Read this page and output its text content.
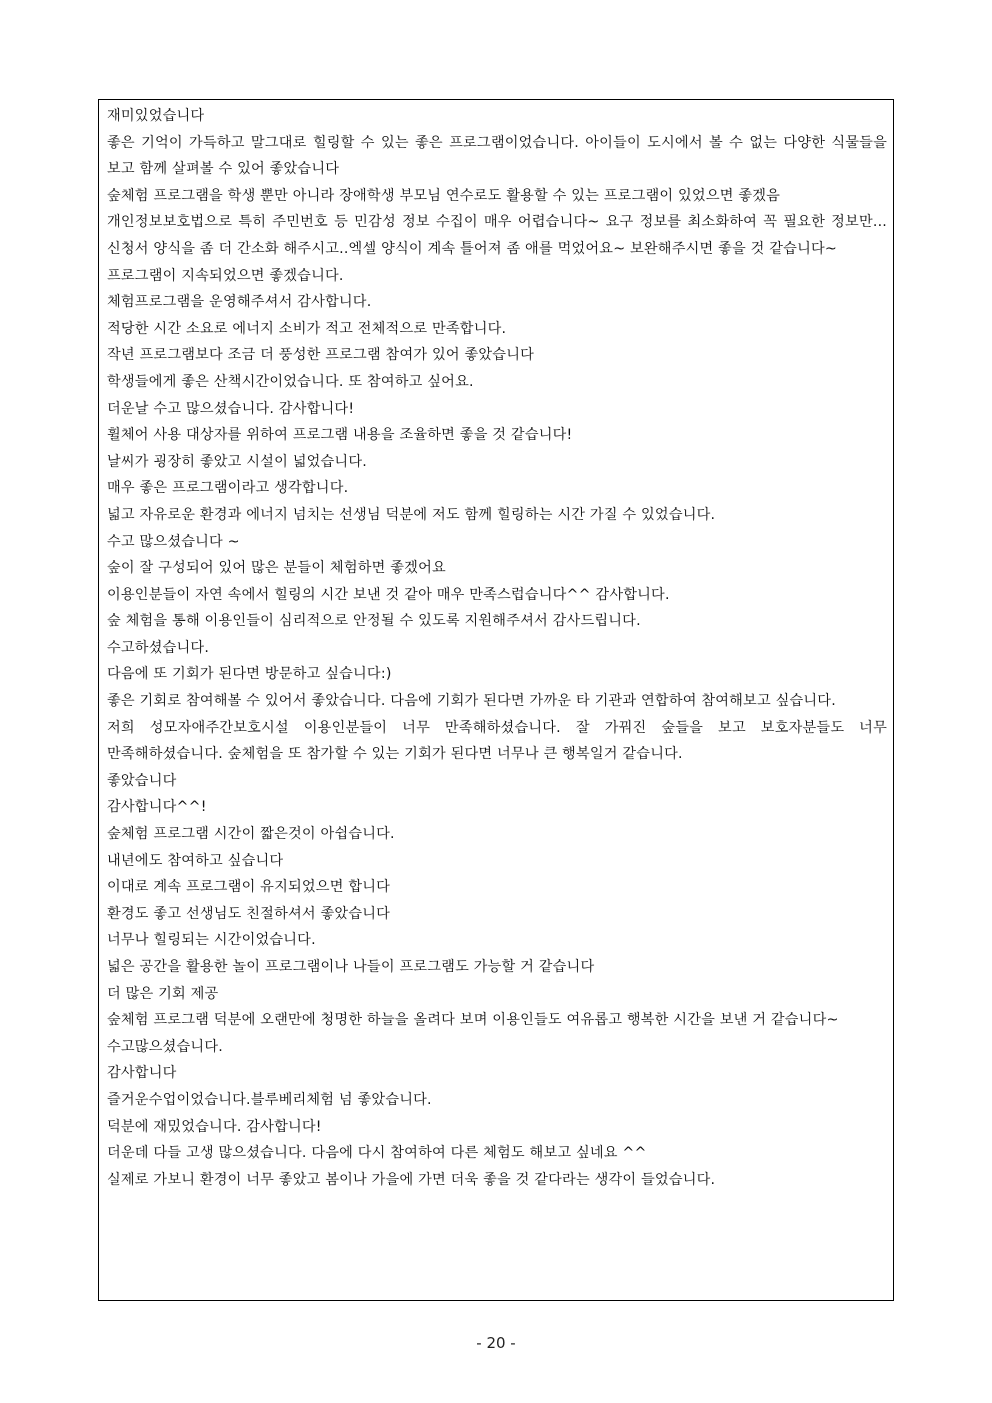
재미있었습니다
좋은 기억이 가득하고 말그대로 힐링할 수 있는 좋은 프로그램이었습니다. 아이들이 도시에서 볼 수 없는 다양한 식물들을 보고 함께 살펴볼 수 있어 좋았습니다
숲체험 프로그램을 학생 뿐만 아니라 장애학생 부모님 연수로도 활용할 수 있는 프로그램이 있었으면 좋겠음
개인정보보호법으로 특히 주민번호 등 민감성 정보 수집이 매우 어렵습니다~ 요구 정보를 최소화하여 꼭 필요한 정보만... 신청서 양식을 좀 더 간소화 해주시고..엑셀 양식이 계속 틀어져 좀 애를 먹었어요~ 보완해주시면 좋을 것 같습니다~
프로그램이 지속되었으면 좋겠습니다.
체험프로그램을 운영해주셔서 감사합니다.
적당한 시간 소요로 에너지 소비가 적고 전체적으로 만족합니다.
작년 프로그램보다 조금 더 풍성한 프로그램 참여가 있어 좋았습니다
학생들에게 좋은 산책시간이었습니다. 또 참여하고 싶어요.
더운날 수고 많으셨습니다. 감사합니다!
휠체어 사용 대상자를 위하여 프로그램 내용을 조율하면 좋을 것 같습니다!
날씨가 굉장히 좋았고 시설이 넓었습니다.
매우 좋은 프로그램이라고 생각합니다.
넓고 자유로운 환경과 에너지 넘치는 선생님 덕분에 저도 함께 힐링하는 시간 가질 수 있었습니다.
수고 많으셨습니다 ~
숲이 잘 구성되어 있어 많은 분들이 체험하면 좋겠어요
이용인분들이 자연 속에서 힐링의 시간 보낸 것 같아 매우 만족스럽습니다^^ 감사합니다.
숲 체험을 통해 이용인들이 심리적으로 안정될 수 있도록 지원해주셔서 감사드립니다.
수고하셨습니다.
다음에 또 기회가 된다면 방문하고 싶습니다:)
좋은 기회로 참여해볼 수 있어서 좋았습니다. 다음에 기회가 된다면 가까운 타 기관과 연합하여 참여해보고 싶습니다.
저희 성모자애주간보호시설 이용인분들이 너무 만족해하셨습니다. 잘 가꿔진 숲들을 보고 보호자분들도 너무 만족해하셨습니다. 숲체험을 또 참가할 수 있는 기회가 된다면 너무나 큰 행복일거 같습니다.
좋았습니다
감사합니다^^!
숲체험 프로그램 시간이 짧은것이 아쉽습니다.
내년에도 참여하고 싶습니다
이대로 계속 프로그램이 유지되었으면 합니다
환경도 좋고 선생님도 친절하셔서 좋았습니다
너무나 힐링되는 시간이었습니다.
넓은 공간을 활용한 놀이 프로그램이나 나들이 프로그램도 가능할 거 같습니다
더 많은 기회 제공
숲체험 프로그램 덕분에 오랜만에 청명한 하늘을 올려다 보며 이용인들도 여유롭고 행복한 시간을 보낸 거 같습니다~
수고많으셨습니다.
감사합니다
즐거운수업이었습니다.블루베리체험 넘 좋았습니다.
덕분에 재밌었습니다. 감사합니다!
더운데 다들 고생 많으셨습니다. 다음에 다시 참여하여 다른 체험도 해보고 싶네요 ^^
실제로 가보니 환경이 너무 좋았고 봄이나 가을에 가면 더욱 좋을 것 같다라는 생각이 들었습니다.
- 20 -
